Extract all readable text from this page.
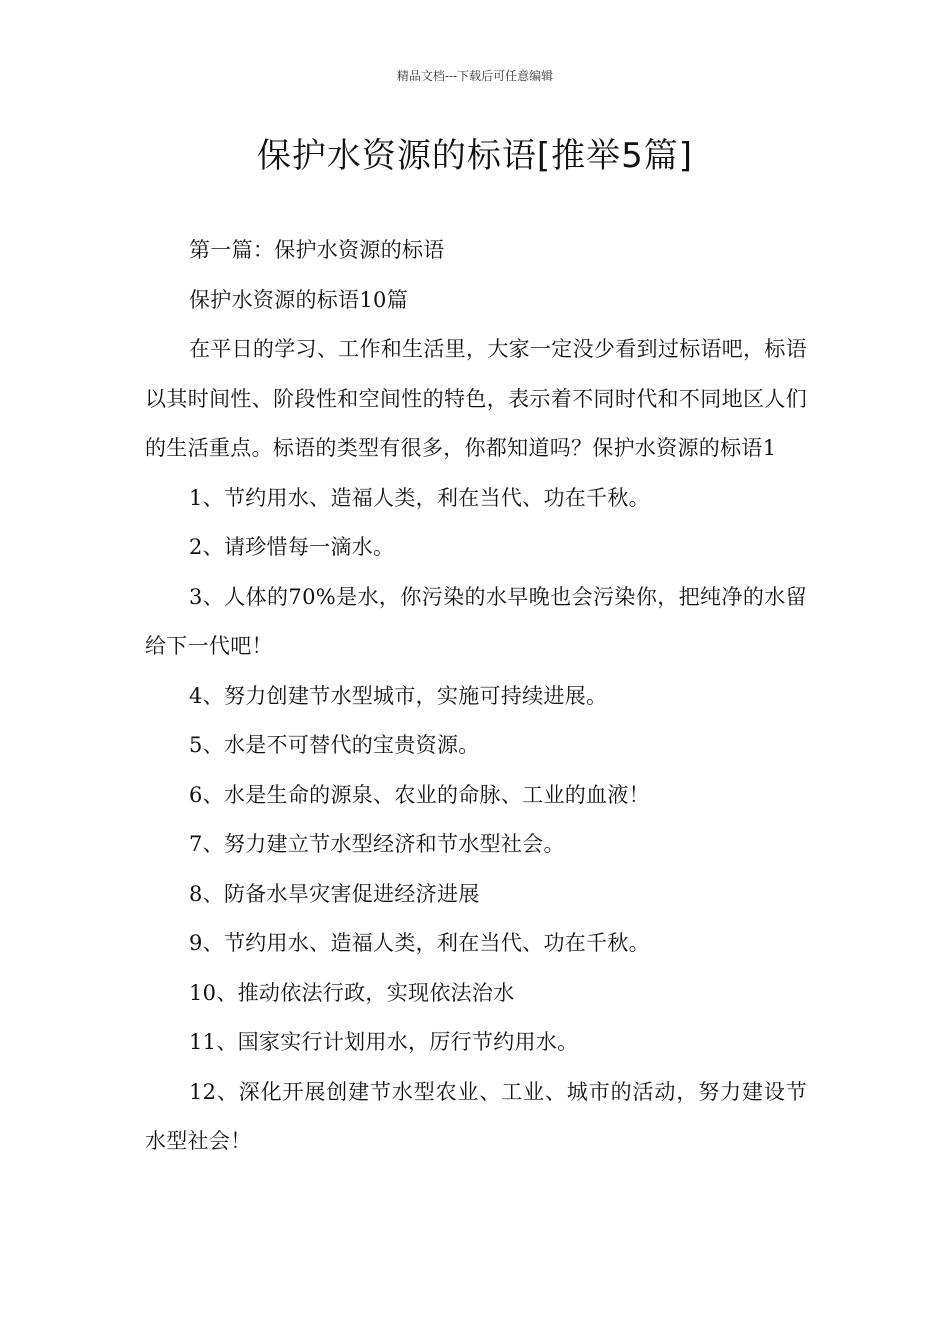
精品文档---下载后可任意编辑
保护水资源的标语[推举5篇]

第一篇：保护水资源的标语

保护水资源的标语10篇

在平日的学习、工作和生活里，大家一定没少看到过标语吧，标语以其时间性、阶段性和空间性的特色，表示着不同时代和不同地区人们的生活重点。标语的类型有很多，你都知道吗？保护水资源的标语1

1、节约用水、造福人类，利在当代、功在千秋。

2、请珍惜每一滴水。

3、人体的70%是水，你污染的水早晚也会污染你，把纯净的水留给下一代吧！

4、努力创建节水型城市，实施可持续进展。

5、水是不可替代的宝贵资源。

6、水是生命的源泉、农业的命脉、工业的血液！

7、努力建立节水型经济和节水型社会。

8、防备水旱灾害促进经济进展

9、节约用水、造福人类，利在当代、功在千秋。

10、推动依法行政，实现依法治水

11、国家实行计划用水，厉行节约用水。

12、深化开展创建节水型农业、工业、城市的活动，努力建设节水型社会！
